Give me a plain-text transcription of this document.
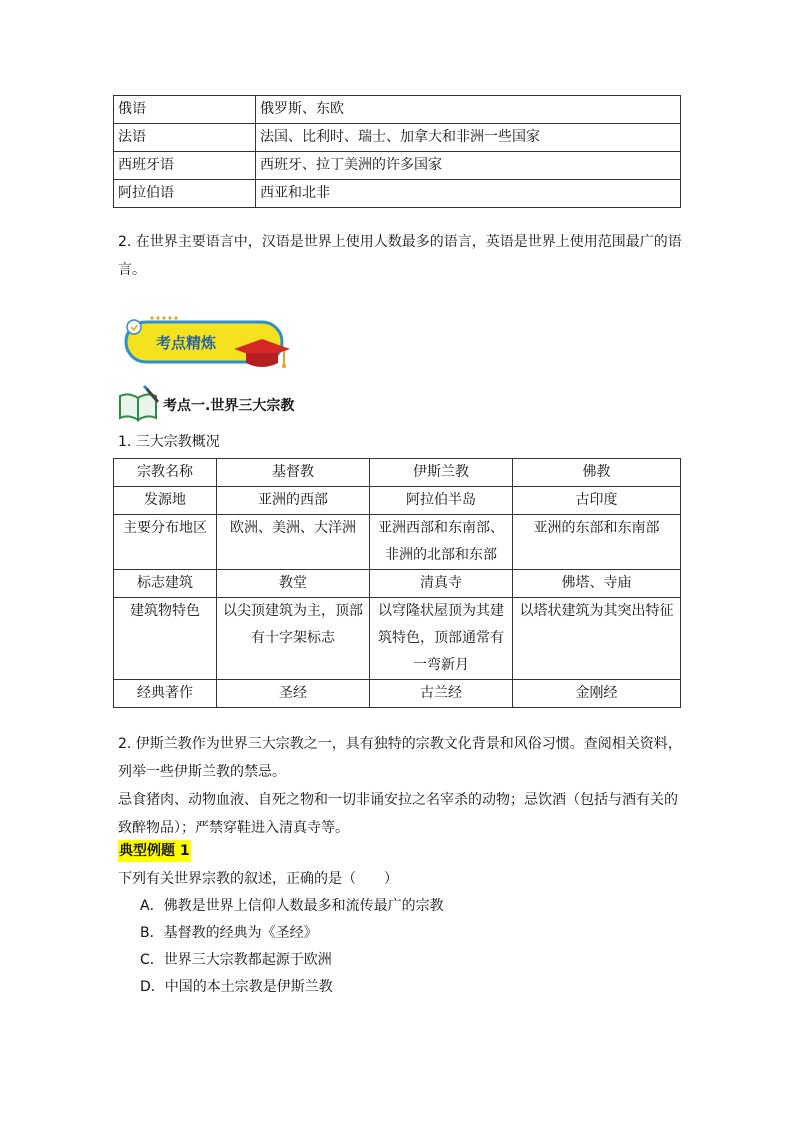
俄语	俄罗斯、东欧
法语	法国、比利时、瑞士、加拿大和非洲一些国家
西班牙语	西班牙、拉丁美洲的许多国家
阿拉伯语	西亚和北非

2. 在世界主要语言中，汉语是世界上使用人数最多的语言，英语是世界上使用范围最广的语言。

考点精炼
考点一.世界三大宗教
1. 三大宗教概况
宗教名称	基督教	伊斯兰教	佛教
发源地	亚洲的西部	阿拉伯半岛	古印度
主要分布地区	欧洲、美洲、大洋洲	亚洲西部和东南部、非洲的北部和东部	亚洲的东部和东南部
标志建筑	教堂	清真寺	佛塔、寺庙
建筑物特色	以尖顶建筑为主，顶部有十字架标志	以穹隆状屋顶为其建筑特色，顶部通常有一弯新月	以塔状建筑为其突出特征
经典著作	圣经	古兰经	金刚经
2. 伊斯兰教作为世界三大宗教之一，具有独特的宗教文化背景和风俗习惯。查阅相关资料，列举一些伊斯兰教的禁忌。
忌食猪肉、动物血液、自死之物和一切非诵安拉之名宰杀的动物；忌饮酒（包括与酒有关的致醉物品）；严禁穿鞋进入清真寺等。
典型例题 1
下列有关世界宗教的叙述，正确的是（　　）
A．佛教是世界上信仰人数最多和流传最广的宗教
B．基督教的经典为《圣经》
C．世界三大宗教都起源于欧洲
D．中国的本土宗教是伊斯兰教
